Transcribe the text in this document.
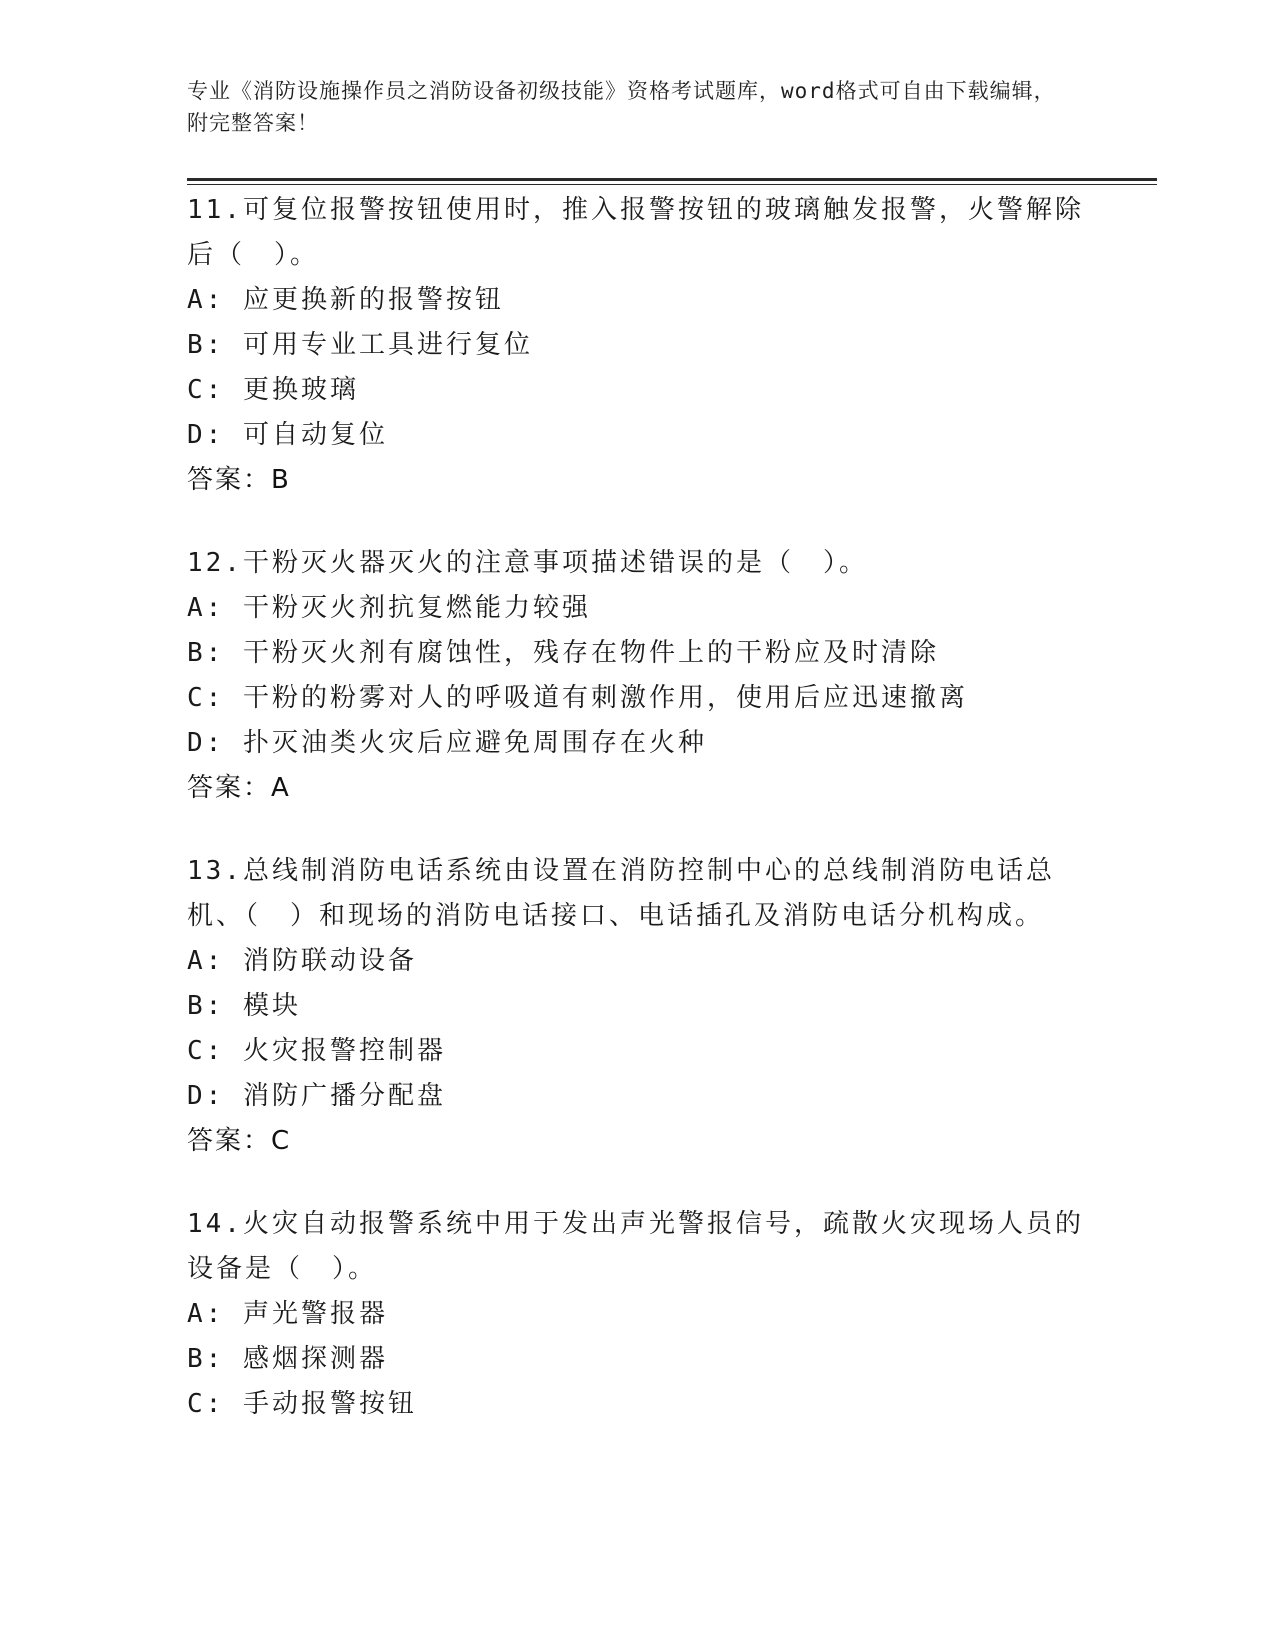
专业《消防设施操作员之消防设备初级技能》资格考试题库，word格式可自由下载编辑，附完整答案！

11.可复位报警按钮使用时，推入报警按钮的玻璃触发报警，火警解除后（　）。

A: 应更换新的报警按钮

B: 可用专业工具进行复位

C: 更换玻璃

D: 可自动复位

答案：B

12.干粉灭火器灭火的注意事项描述错误的是（　）。

A: 干粉灭火剂抗复燃能力较强

B: 干粉灭火剂有腐蚀性，残存在物件上的干粉应及时清除

C: 干粉的粉雾对人的呼吸道有刺激作用，使用后应迅速撤离

D: 扑灭油类火灾后应避免周围存在火种

答案：A

13.总线制消防电话系统由设置在消防控制中心的总线制消防电话总机、（　）和现场的消防电话接口、电话插孔及消防电话分机构成。

A: 消防联动设备

B: 模块

C: 火灾报警控制器

D: 消防广播分配盘

答案：C

14.火灾自动报警系统中用于发出声光警报信号，疏散火灾现场人员的设备是（　）。

A: 声光警报器

B: 感烟探测器

C: 手动报警按钮
